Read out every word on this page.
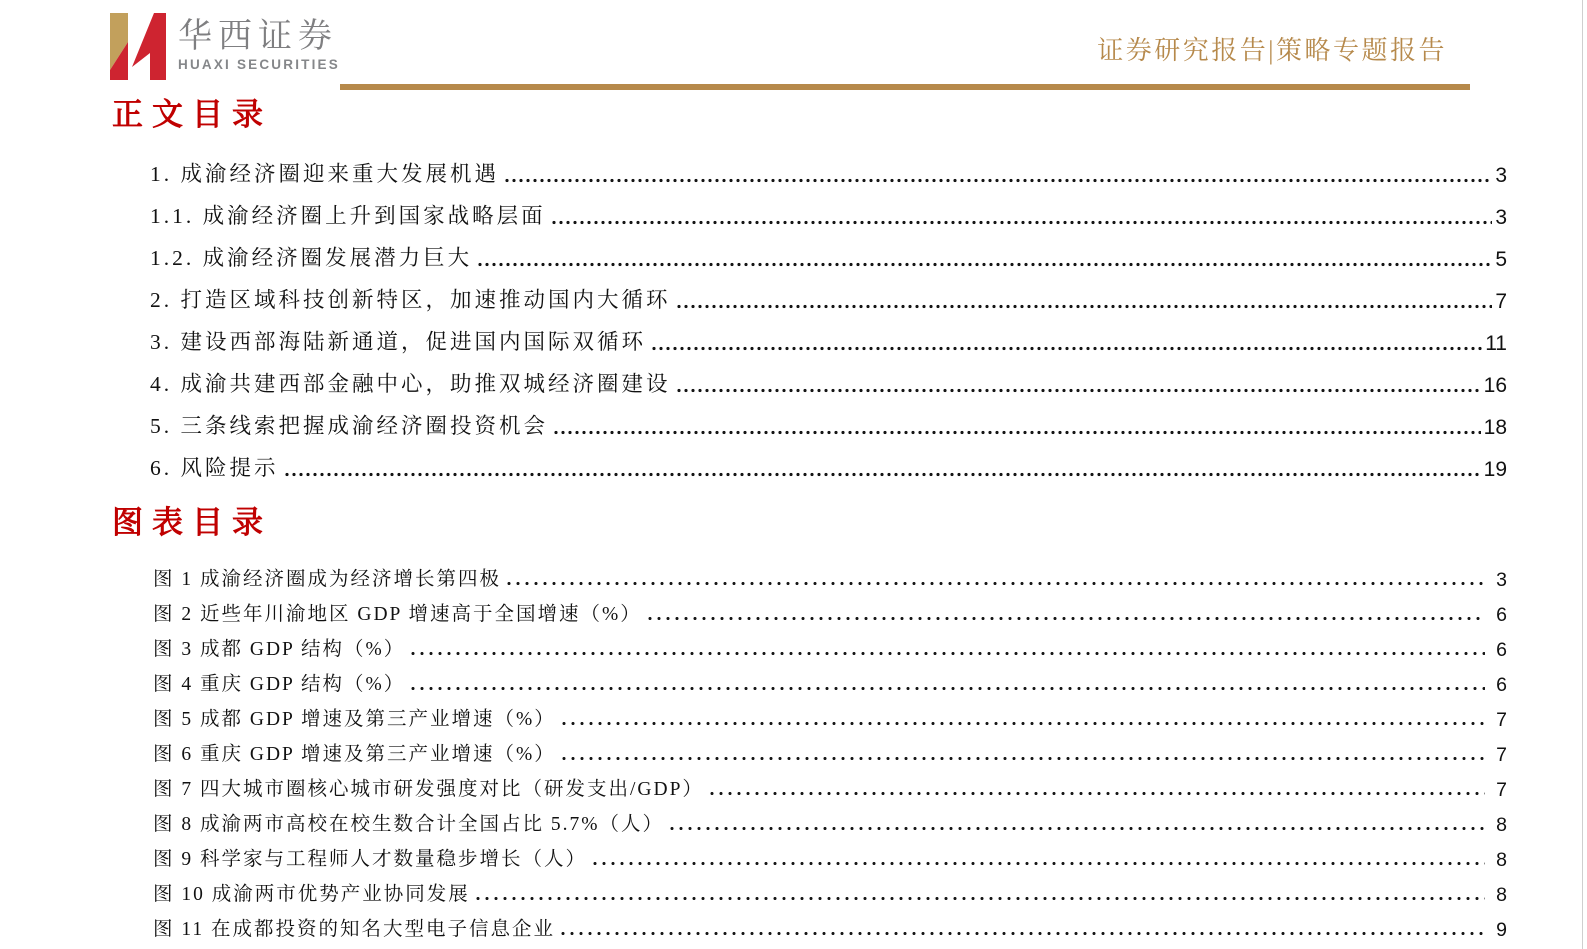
华西证券
HUAXI SECURITIES	证券研究报告|策略专题报告
正文目录
1. 成渝经济圈迎来重大发展机遇	3
1.1. 成渝经济圈上升到国家战略层面	3
1.2. 成渝经济圈发展潜力巨大	5
2. 打造区域科技创新特区，加速推动国内大循环	7
3. 建设西部海陆新通道，促进国内国际双循环	11
4. 成渝共建西部金融中心，助推双城经济圈建设	16
5. 三条线索把握成渝经济圈投资机会	18
6. 风险提示	19
图表目录
图 1 成渝经济圈成为经济增长第四极	3
图 2 近些年川渝地区 GDP 增速高于全国增速（%）	6
图 3 成都 GDP 结构（%）	6
图 4 重庆 GDP 结构（%）	6
图 5 成都 GDP 增速及第三产业增速（%）	7
图 6 重庆 GDP 增速及第三产业增速（%）	7
图 7 四大城市圈核心城市研发强度对比（研发支出/GDP）	7
图 8 成渝两市高校在校生数合计全国占比 5.7%（人）	8
图 9 科学家与工程师人才数量稳步增长（人）	8
图 10 成渝两市优势产业协同发展	8
图 11 在成都投资的知名大型电子信息企业	9
